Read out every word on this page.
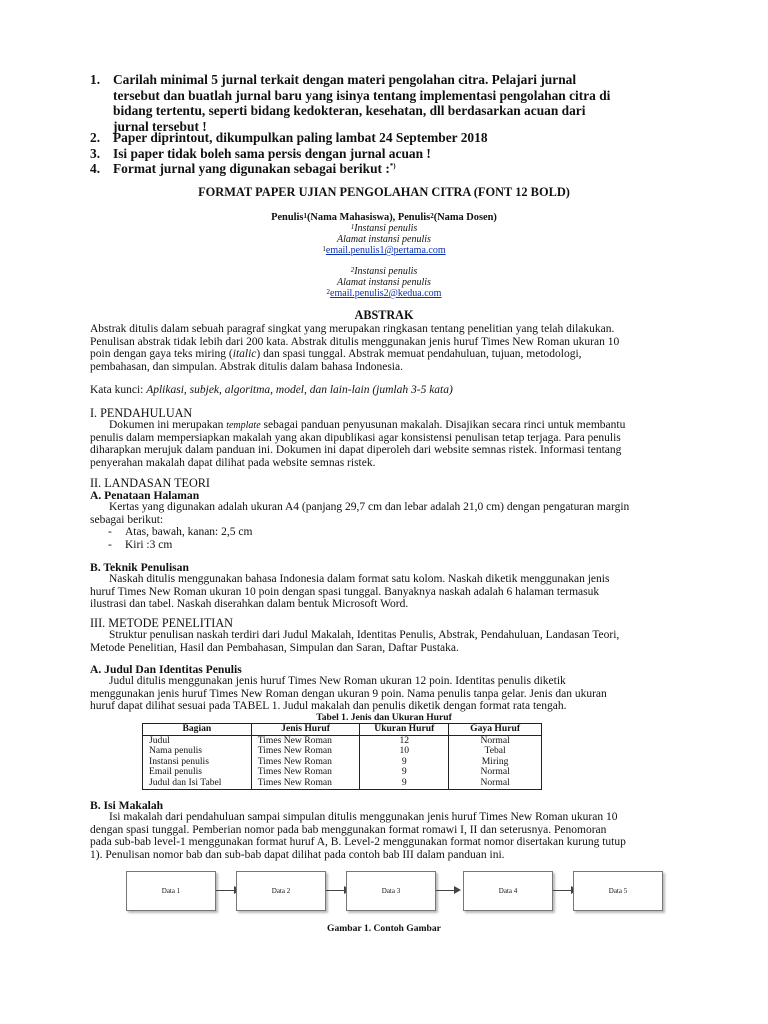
1. Carilah minimal 5 jurnal terkait dengan materi pengolahan citra. Pelajari jurnal
tersebut dan buatlah jurnal baru yang isinya tentang implementasi pengolahan citra di
bidang tertentu, seperti bidang kedokteran, kesehatan, dll berdasarkan acuan dari
jurnal tersebut !
2. Paper diprintout, dikumpulkan paling lambat 24 September 2018
3. Isi paper tidak boleh sama persis dengan jurnal acuan !
4. Format jurnal yang digunakan sebagai berikut :*)
FORMAT PAPER UJIAN PENGOLAHAN CITRA (FONT 12 BOLD)
Penulis$^1$(Nama Mahasiswa), Penulis$^2$(Nama Dosen)
$^1$Instansi penulis
Alamat instansi penulis
$^1$email.penulis1@pertama.com
$^2$Instansi penulis
Alamat instansi penulis
$^2$email.penulis2@kedua.com
ABSTRAK
Abstrak ditulis dalam sebuah paragraf singkat yang merupakan ringkasan tentang penelitian yang telah dilakukan.
Penulisan abstrak tidak lebih dari 200 kata. Abstrak ditulis menggunakan jenis huruf Times New Roman ukuran 10
poin dengan gaya teks miring (italic) dan spasi tunggal. Abstrak memuat pendahuluan, tujuan, metodologi,
pembahasan, dan simpulan. Abstrak ditulis dalam bahasa Indonesia.
Kata kunci: Aplikasi, subjek, algoritma, model, dan lain-lain (jumlah 3-5 kata)
I. PENDAHULUAN
Dokumen ini merupakan template sebagai panduan penyusunan makalah. Disajikan secara rinci untuk membantu
penulis dalam mempersiapkan makalah yang akan dipublikasi agar konsistensi penulisan tetap terjaga. Para penulis
diharapkan merujuk dalam panduan ini. Dokumen ini dapat diperoleh dari website semnas ristek. Informasi tentang
penyerahan makalah dapat dilihat pada website semnas ristek.
II. LANDASAN TEORI
A. Penataan Halaman
Kertas yang digunakan adalah ukuran A4 (panjang 29,7 cm dan lebar adalah 21,0 cm) dengan pengaturan margin
sebagai berikut:
- Atas, bawah, kanan: 2,5 cm
- Kiri :3 cm
B. Teknik Penulisan
Naskah ditulis menggunakan bahasa Indonesia dalam format satu kolom. Naskah diketik menggunakan jenis
huruf Times New Roman ukuran 10 poin dengan spasi tunggal. Banyaknya naskah adalah 6 halaman termasuk
ilustrasi dan tabel. Naskah diserahkan dalam bentuk Microsoft Word.
III. METODE PENELITIAN
Struktur penulisan naskah terdiri dari Judul Makalah, Identitas Penulis, Abstrak, Pendahuluan, Landasan Teori,
Metode Penelitian, Hasil dan Pembahasan, Simpulan dan Saran, Daftar Pustaka.
A. Judul Dan Identitas Penulis
Judul ditulis menggunakan jenis huruf Times New Roman ukuran 12 poin. Identitas penulis diketik
menggunakan jenis huruf Times New Roman dengan ukuran 9 poin. Nama penulis tanpa gelar. Jenis dan ukuran
huruf dapat dilihat sesuai pada TABEL 1. Judul makalah dan penulis diketik dengan format rata tengah.
Tabel 1. Jenis dan Ukuran Huruf
Bagian	Jenis Huruf	Ukuran Huruf	Gaya Huruf
Judul	Times New Roman	12	Normal
Nama penulis	Times New Roman	10	Tebal
Instansi penulis	Times New Roman	9	Miring
Email penulis	Times New Roman	9	Normal
Judul dan Isi Tabel	Times New Roman	9	Normal
B. Isi Makalah
Isi makalah dari pendahuluan sampai simpulan ditulis menggunakan jenis huruf Times New Roman ukuran 10
dengan spasi tunggal. Pemberian nomor pada bab menggunakan format romawi I, II dan seterusnya. Penomoran
pada sub-bab level-1 menggunakan format huruf A, B. Level-2 menggunakan format nomor disertakan kurung tutup
1). Penulisan nomor bab dan sub-bab dapat dilihat pada contoh bab III dalam panduan ini.
Data 1	Data 2	Data 3	Data 4	Data 5
Gambar 1. Contoh Gambar
